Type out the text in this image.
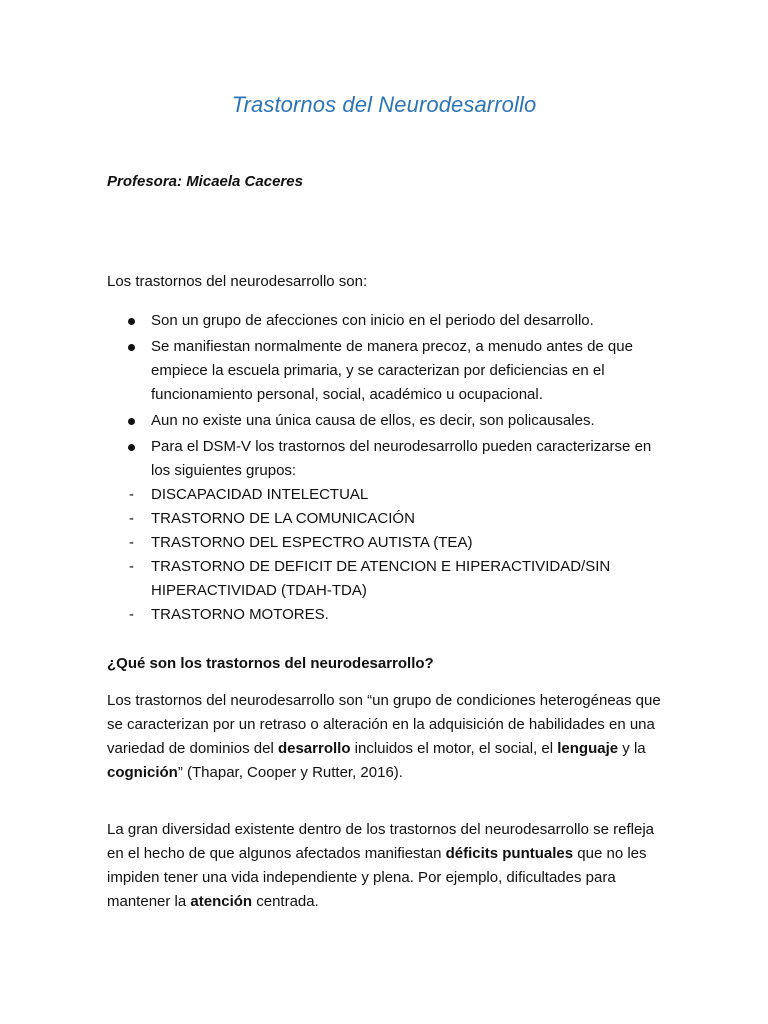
Trastornos del Neurodesarrollo
Profesora: Micaela Caceres
Los trastornos del neurodesarrollo son:
Son un grupo de afecciones con inicio en el periodo del desarrollo.
Se manifiestan normalmente de manera precoz, a menudo antes de que empiece la escuela primaria, y se caracterizan por deficiencias en el funcionamiento personal, social, académico u ocupacional.
Aun no existe una única causa de ellos, es decir, son policausales.
Para el DSM-V los trastornos del neurodesarrollo pueden caracterizarse en los siguientes grupos:
- DISCAPACIDAD INTELECTUAL
- TRASTORNO DE LA COMUNICACIÓN
- TRASTORNO DEL ESPECTRO AUTISTA (TEA)
- TRASTORNO DE DEFICIT DE ATENCION E HIPERACTIVIDAD/SIN HIPERACTIVIDAD (TDAH-TDA)
- TRASTORNO MOTORES.
¿Qué son los trastornos del neurodesarrollo?
Los trastornos del neurodesarrollo son “un grupo de condiciones heterogéneas que se caracterizan por un retraso o alteración en la adquisición de habilidades en una variedad de dominios del desarrollo incluidos el motor, el social, el lenguaje y la cognición” (Thapar, Cooper y Rutter, 2016).
La gran diversidad existente dentro de los trastornos del neurodesarrollo se refleja en el hecho de que algunos afectados manifiestan déficits puntuales que no les impiden tener una vida independiente y plena. Por ejemplo, dificultades para mantener la atención centrada.
